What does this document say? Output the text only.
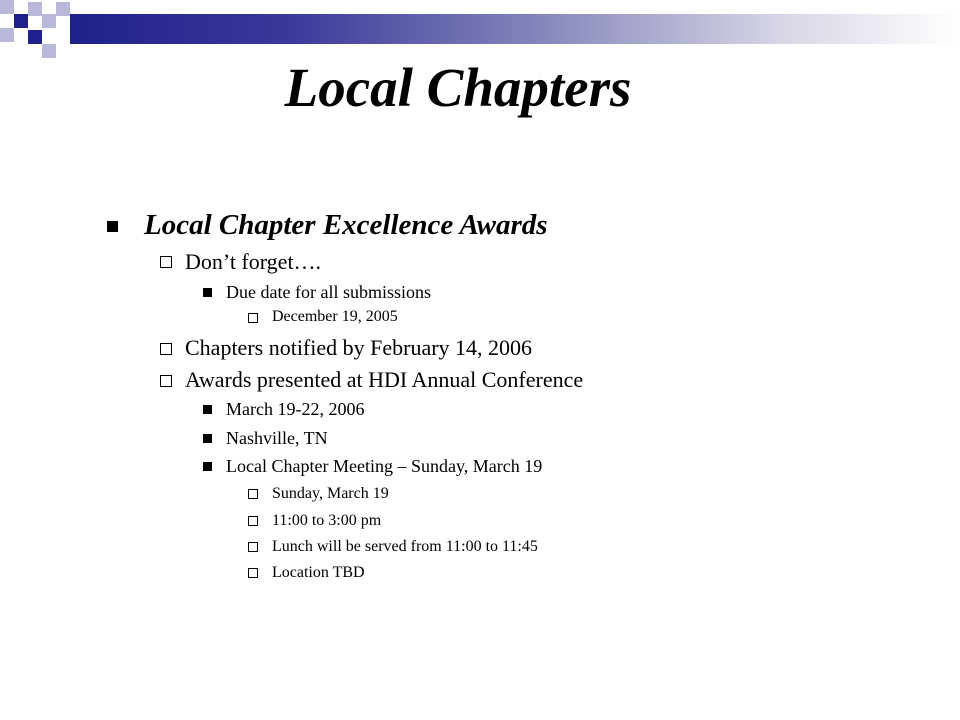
Local Chapters
Local Chapter Excellence Awards
Don’t forget….
Due date for all submissions
December 19, 2005
Chapters notified by February 14, 2006
Awards presented at HDI Annual Conference
March 19-22, 2006
Nashville, TN
Local Chapter Meeting – Sunday, March 19
Sunday, March 19
11:00 to 3:00 pm
Lunch will be served from 11:00 to 11:45
Location TBD
